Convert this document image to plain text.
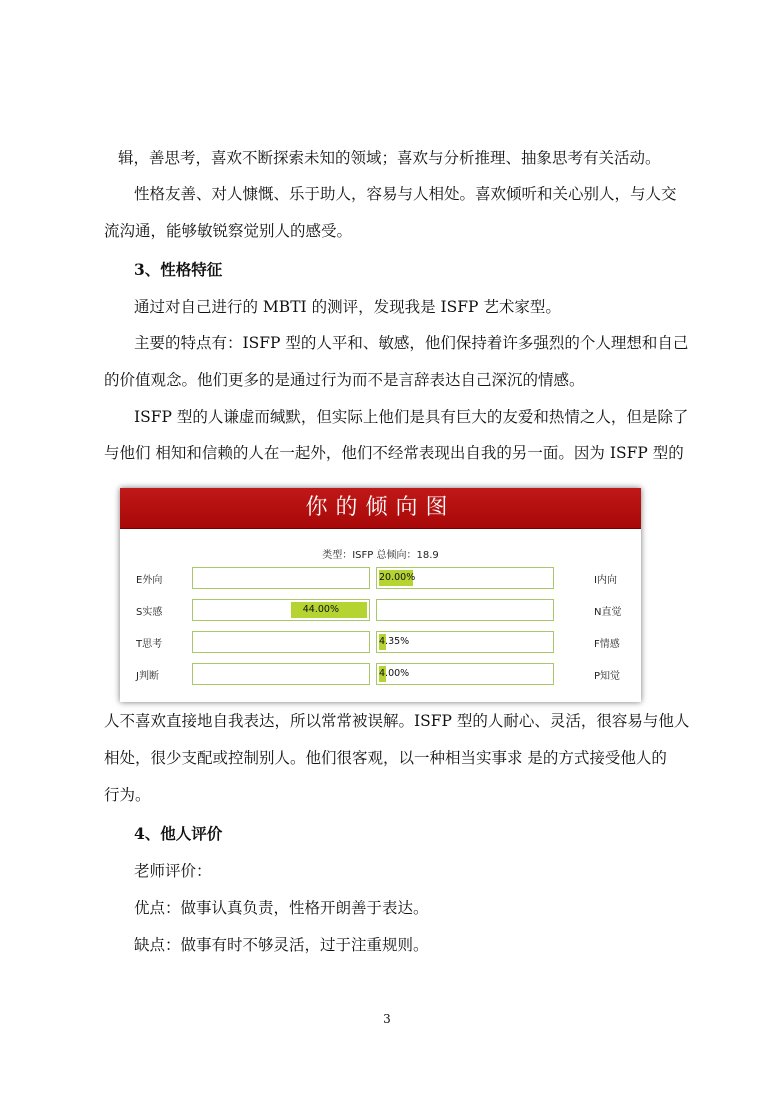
辑，善思考，喜欢不断探索未知的领域；喜欢与分析推理、抽象思考有关活动。

性格友善、对人慷慨、乐于助人，容易与人相处。喜欢倾听和关心别人，与人交

流沟通，能够敏锐察觉别人的感受。

3、性格特征

通过对自己进行的 MBTI 的测评，发现我是 ISFP 艺术家型。

主要的特点有：ISFP 型的人平和、敏感，他们保持着许多强烈的个人理想和自己

的价值观念。他们更多的是通过行为而不是言辞表达自己深沉的情感。

ISFP 型的人谦虚而缄默，但实际上他们是具有巨大的友爱和热情之人，但是除了

与他们 相知和信赖的人在一起外，他们不经常表现出自我的另一面。因为 ISFP 型的

你的倾向图
类型：ISFP 总倾向：18.9
E外向	20.00%	I内向
S实感	44.00%	N直觉
T思考	4.35%	F情感
J判断	4.00%	P知觉

人不喜欢直接地自我表达，所以常常被误解。ISFP 型的人耐心、灵活，很容易与他人

相处，很少支配或控制别人。他们很客观，以一种相当实事求 是的方式接受他人的

行为。

4、他人评价

老师评价：

优点：做事认真负责，性格开朗善于表达。

缺点：做事有时不够灵活，过于注重规则。

3
